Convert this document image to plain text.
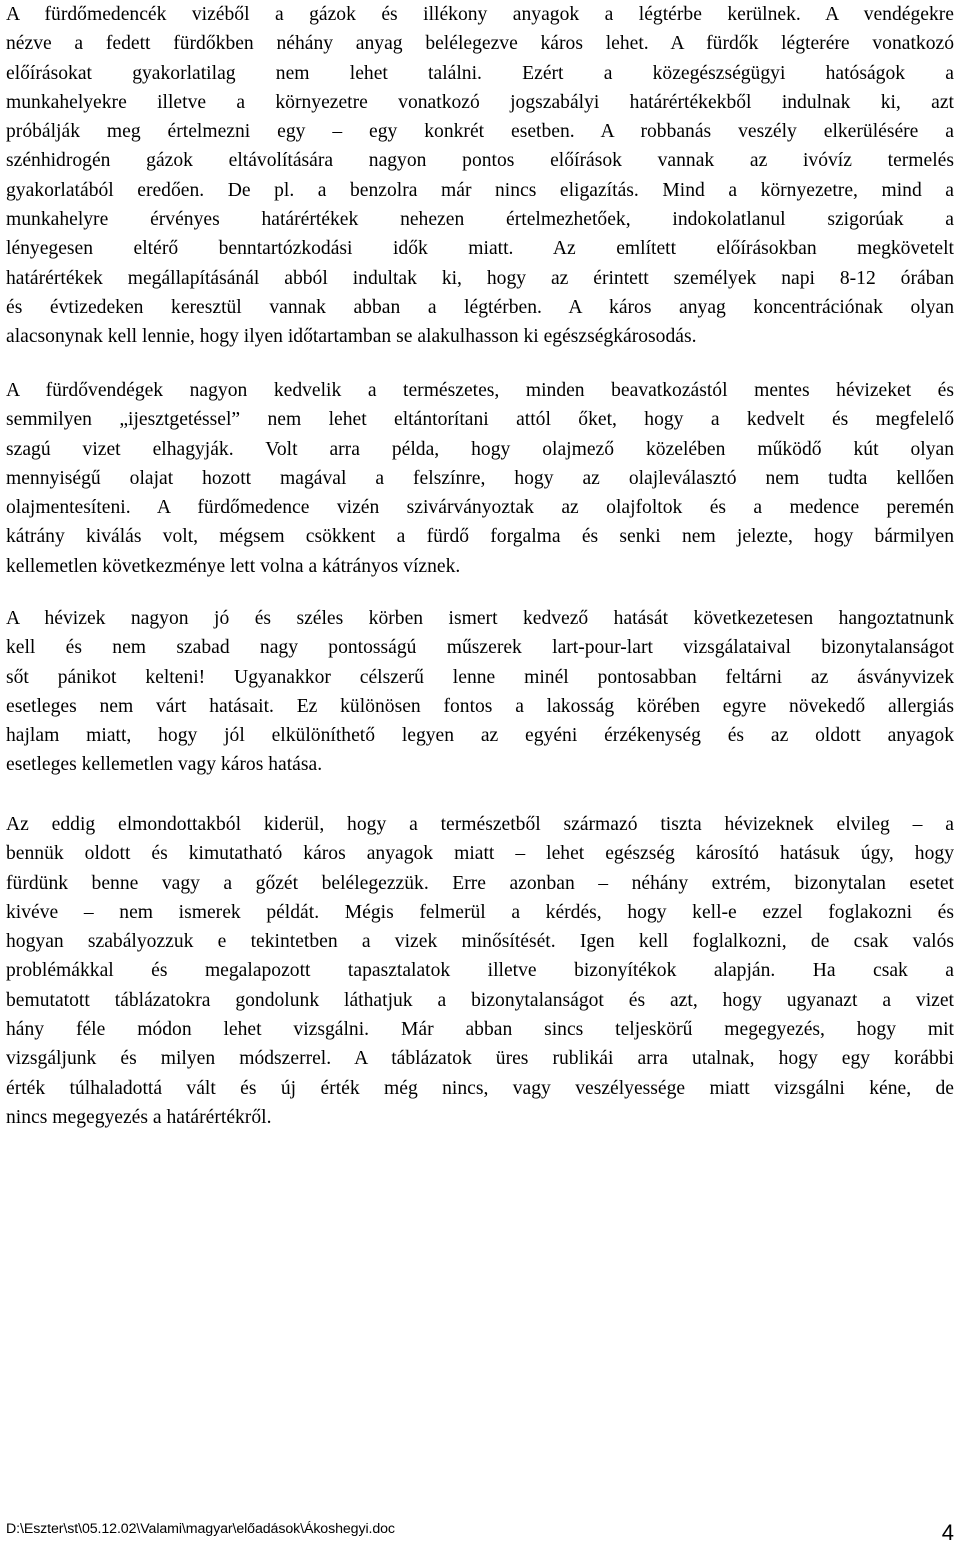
A fürdőmedencék vizéből a gázok és illékony anyagok a légtérbe kerülnek. A vendégekre
nézve a fedett fürdőkben néhány anyag belélegezve káros lehet. A fürdők légterére vonatkozó
előírásokat gyakorlatilag nem lehet találni. Ezért a közegészségügyi hatóságok a
munkahelyekre illetve a környezetre vonatkozó jogszabályi határértékekből indulnak ki, azt
próbálják meg értelmezni egy – egy konkrét esetben. A robbanás veszély elkerülésére a
szénhidrogén gázok eltávolítására nagyon pontos előírások vannak az ivóvíz termelés
gyakorlatából eredően. De pl. a benzolra már nincs eligazítás. Mind a környezetre, mind a
munkahelyre érvényes határértékek nehezen értelmezhetőek, indokolatlanul szigorúak a
lényegesen eltérő benntartózkodási idők miatt. Az említett előírásokban megkövetelt
határértékek megállapításánál abból indultak ki, hogy az érintett személyek napi 8-12 órában
és évtizedeken keresztül vannak abban a légtérben. A káros anyag koncentrációnak olyan
alacsonynak kell lennie, hogy ilyen időtartamban se alakulhasson ki egészségkárosodás.
A fürdővendégek nagyon kedvelik a természetes, minden beavatkozástól mentes hévizeket és
semmilyen „ijesztgetéssel” nem lehet eltántorítani attól őket, hogy a kedvelt és megfelelő
szagú vizet elhagyják. Volt arra példa, hogy olajmező közelében működő kút olyan
mennyiségű olajat hozott magával a felszínre, hogy az olajleválasztó nem tudta kellően
olajmentesíteni. A fürdőmedence vizén szivárványoztak az olajfoltok és a medence peremén
kátrány kiválás volt, mégsem csökkent a fürdő forgalma és senki nem jelezte, hogy bármilyen
kellemetlen következménye lett volna a kátrányos víznek.
A hévizek nagyon jó és széles körben ismert kedvező hatását következetesen hangoztatnunk
kell és nem szabad nagy pontosságú műszerek lart-pour-lart vizsgálataival bizonytalanságot
sőt pánikot kelteni! Ugyanakkor célszerű lenne minél pontosabban feltárni az ásványvizek
esetleges nem várt hatásait. Ez különösen fontos a lakosság körében egyre növekedő allergiás
hajlam miatt, hogy jól elkülöníthető legyen az egyéni érzékenység és az oldott anyagok
esetleges kellemetlen vagy káros hatása.
Az eddig elmondottakból kiderül, hogy a természetből származó tiszta hévizeknek elvileg – a
bennük oldott és kimutatható káros anyagok miatt – lehet egészség károsító hatásuk úgy, hogy
fürdünk benne vagy a gőzét belélegezzük. Erre azonban – néhány extrém, bizonytalan esetet
kivéve – nem ismerek példát. Mégis felmerül a kérdés, hogy kell-e ezzel foglakozni és
hogyan szabályozzuk e tekintetben a vizek minősítését. Igen kell foglalkozni, de csak valós
problémákkal és megalapozott tapasztalatok illetve bizonyítékok alapján. Ha csak a
bemutatott táblázatokra gondolunk láthatjuk a bizonytalanságot és azt, hogy ugyanazt a vizet
hány féle módon lehet vizsgálni. Már abban sincs teljeskörű megegyezés, hogy mit
vizsgáljunk és milyen módszerrel. A táblázatok üres rublikái arra utalnak, hogy egy korábbi
érték túlhaladottá vált és új érték még nincs, vagy veszélyessége miatt vizsgálni kéne, de
nincs megegyezés a határértékről.
D:\Eszter\st\05.12.02\Valami\magyar\előadások\Ákoshegyi.doc	4
